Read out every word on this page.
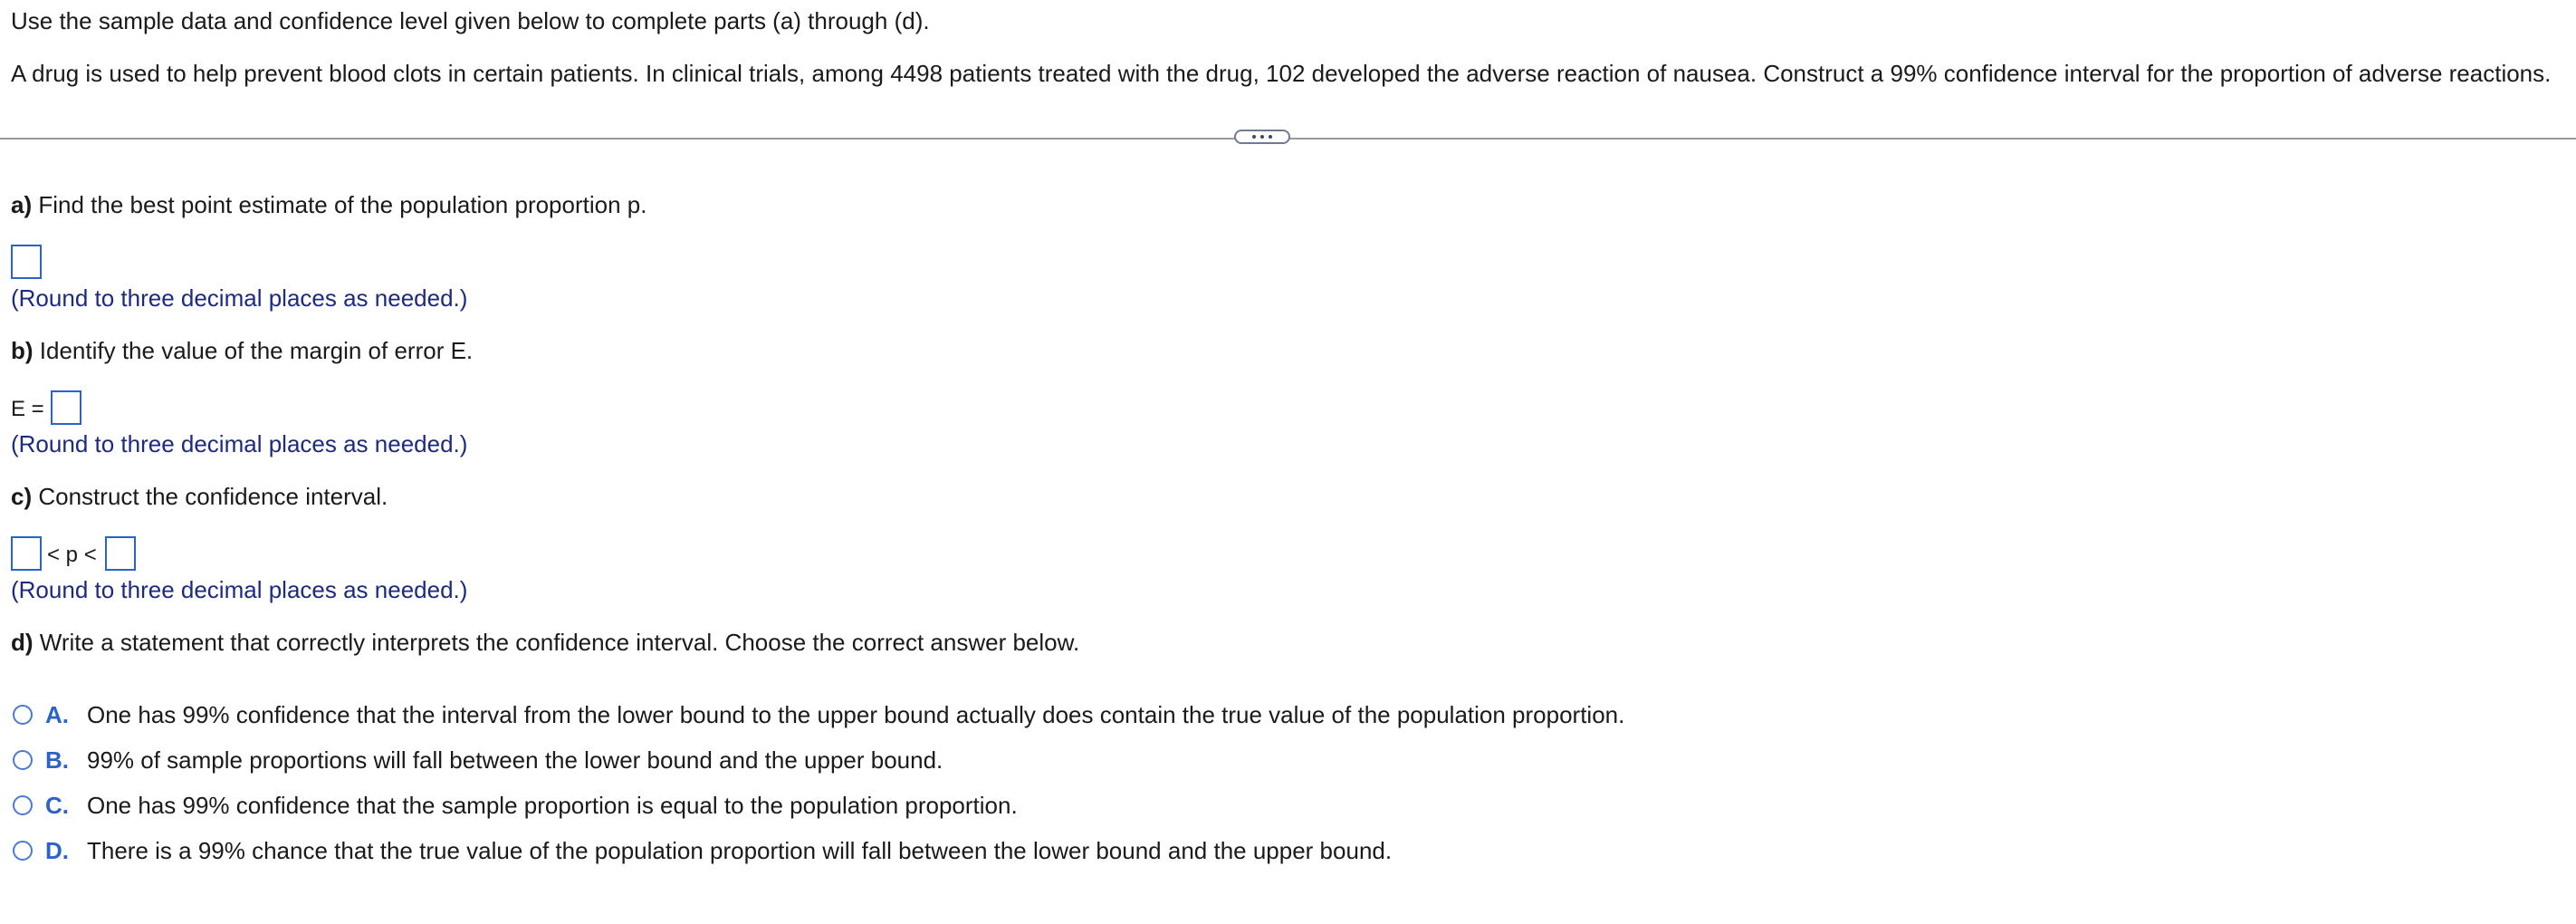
Use the sample data and confidence level given below to complete parts (a) through (d).
A drug is used to help prevent blood clots in certain patients. In clinical trials, among 4498 patients treated with the drug, 102 developed the adverse reaction of nausea. Construct a 99% confidence interval for the proportion of adverse reactions.
a) Find the best point estimate of the population proportion p.
(Round to three decimal places as needed.)
b) Identify the value of the margin of error E.
E =
(Round to three decimal places as needed.)
c) Construct the confidence interval.
< p <
(Round to three decimal places as needed.)
d) Write a statement that correctly interprets the confidence interval. Choose the correct answer below.
A. One has 99% confidence that the interval from the lower bound to the upper bound actually does contain the true value of the population proportion.
B. 99% of sample proportions will fall between the lower bound and the upper bound.
C. One has 99% confidence that the sample proportion is equal to the population proportion.
D. There is a 99% chance that the true value of the population proportion will fall between the lower bound and the upper bound.
